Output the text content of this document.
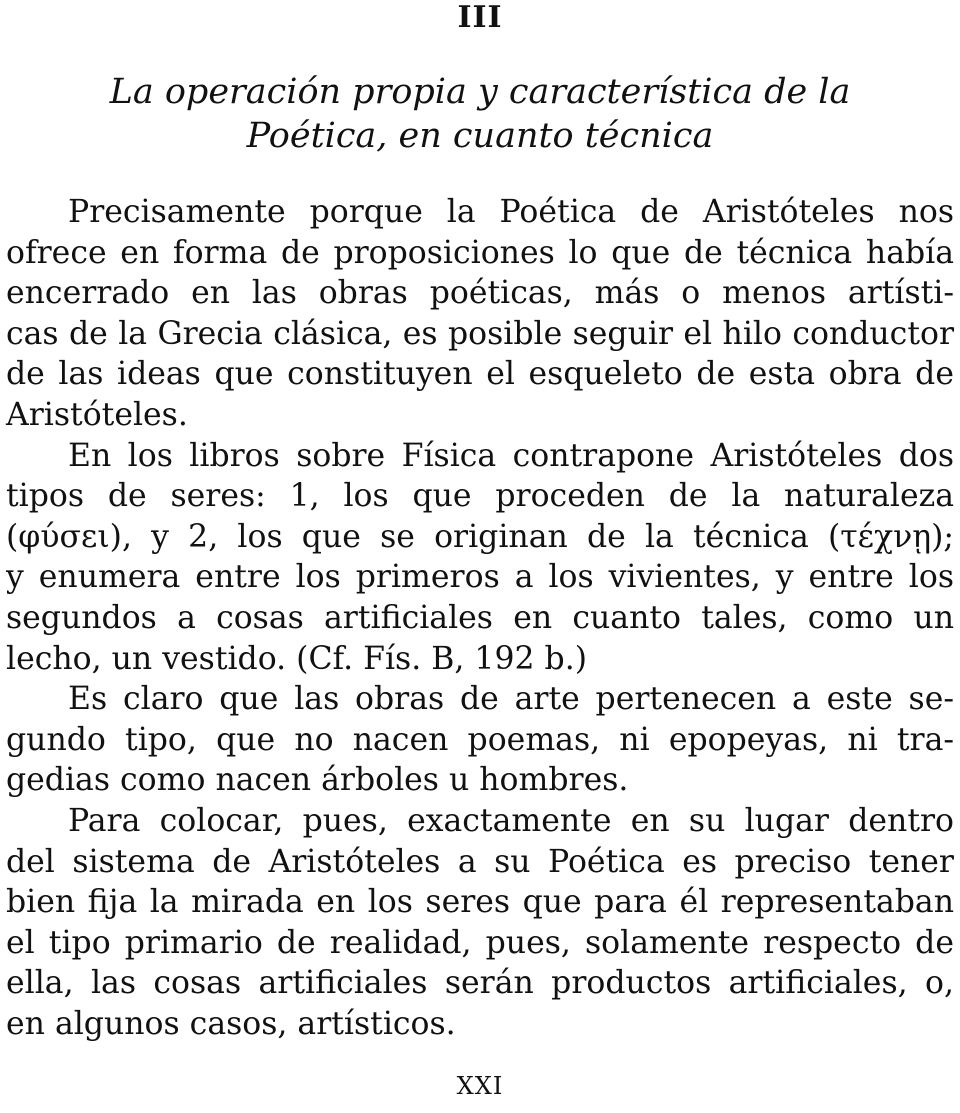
III
La operación propia y característica de la
Poética, en cuanto técnica
Precisamente porque la Poética de Aristóteles nos
ofrece en forma de proposiciones lo que de técnica había
encerrado en las obras poéticas, más o menos artísti-
cas de la Grecia clásica, es posible seguir el hilo conductor
de las ideas que constituyen el esqueleto de esta obra de
Aristóteles.
En los libros sobre Física contrapone Aristóteles dos
tipos de seres: 1, los que proceden de la naturaleza
(φύσει), y 2, los que se originan de la técnica (τέχνῃ);
y enumera entre los primeros a los vivientes, y entre los
segundos a cosas artificiales en cuanto tales, como un
lecho, un vestido. (Cf. Fís. B, 192 b.)
Es claro que las obras de arte pertenecen a este se-
gundo tipo, que no nacen poemas, ni epopeyas, ni tra-
gedias como nacen árboles u hombres.
Para colocar, pues, exactamente en su lugar dentro
del sistema de Aristóteles a su Poética es preciso tener
bien fija la mirada en los seres que para él representaban
el tipo primario de realidad, pues, solamente respecto de
ella, las cosas artificiales serán productos artificiales, o,
en algunos casos, artísticos.
XXI
